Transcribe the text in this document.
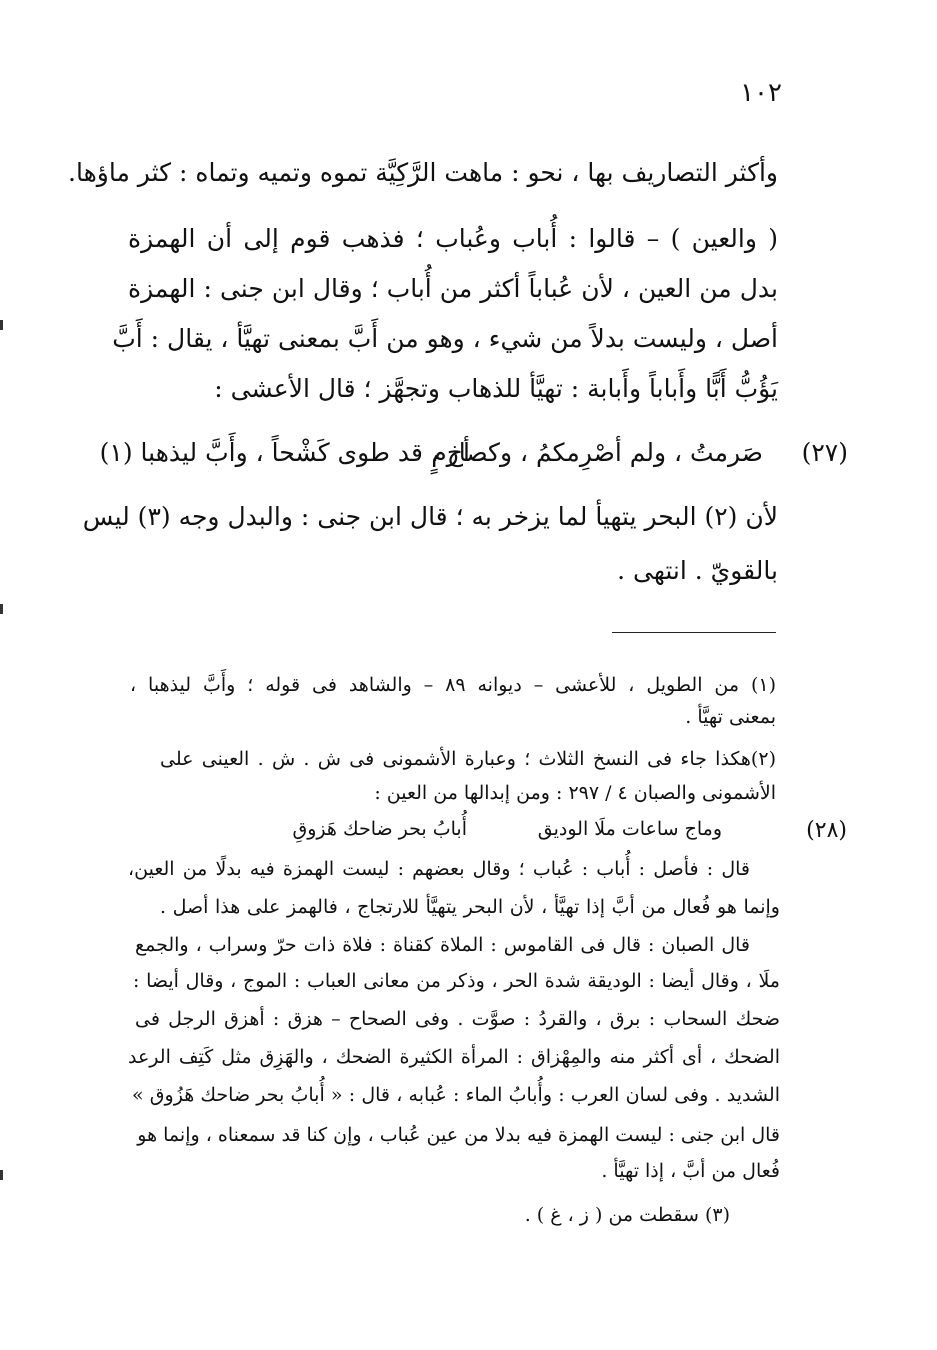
١٠٢
وأكثر التصاريف بها ، نحو : ماهت الرَّكِيَّة تموه وتميه وتماه : كثر ماؤها.
( والعين ) – قالوا : أُباب وعُباب ؛ فذهب قوم إلى أن الهمزة
بدل من العين ، لأن عُباباً أكثر من أُباب ؛ وقال ابن جنى : الهمزة
أصل ، وليست بدلاً من شيء ، وهو من أَبَّ بمعنى تهيَّأ ، يقال : أَبَّ
يَؤُبُّ أَبًّا وأَباباً وأَبابة : تهيَّأ للذهاب وتجهَّز ؛ قال الأعشى :
(٢٧)
صَرمتُ ، ولم أصْرِمكمُ ، وكصارمٍ
أخ ، قد طوى كَشْحاً ، وأَبَّ ليذهبا (١)
لأن (٢) البحر يتهيأ لما يزخر به ؛ قال ابن جنى : والبدل وجه (٣) ليس
بالقويّ . انتهى .
(١) من الطويل ، للأعشى – ديوانه ٨٩ – والشاهد فى قوله ؛ وأَبَّ ليذهبا ،
بمعنى تهيَّأ .
(٢)هكذا جاء فى النسخ الثلاث ؛ وعبارة الأشمونى فى ش . ش . العينى على
الأشمونى والصبان ٤ / ٢٩٧ : ومن إبدالها من العين :
(٢٨)
وماج ساعات ملَا الوديق
أُبابُ بحر ضاحك هَزوقِ
قال : فأصل : أُباب : عُباب ؛ وقال بعضهم : ليست الهمزة فيه بدلًا من العين،
وإنما هو فُعال من أبَّ إذا تهيَّأ ، لأن البحر يتهيَّأ للارتجاج ، فالهمز على هذا أصل .
قال الصبان : قال فى القاموس : الملاة كقناة : فلاة ذات حرّ وسراب ، والجمع
ملَا ، وقال أيضا : الوديقة شدة الحر ، وذكر من معانى العباب : الموج ، وقال أيضا :
ضحك السحاب : برق ، والقردُ : صوَّت . وفى الصحاح – هزق : أهزق الرجل فى
الضحك ، أى أكثر منه والمِهْزاق : المرأة الكثيرة الضحك ، والهَزِق مثل كَتِف الرعد
الشديد . وفى لسان العرب : وأُبابُ الماء : عُبابه ، قال : « أُبابُ بحر ضاحك هَزُوق »
قال ابن جنى : ليست الهمزة فيه بدلا من عين عُباب ، وإن كنا قد سمعناه ، وإنما هو
فُعال من أبَّ ، إذا تهيَّأ .
(٣) سقطت من ( ز ، غ ) .
